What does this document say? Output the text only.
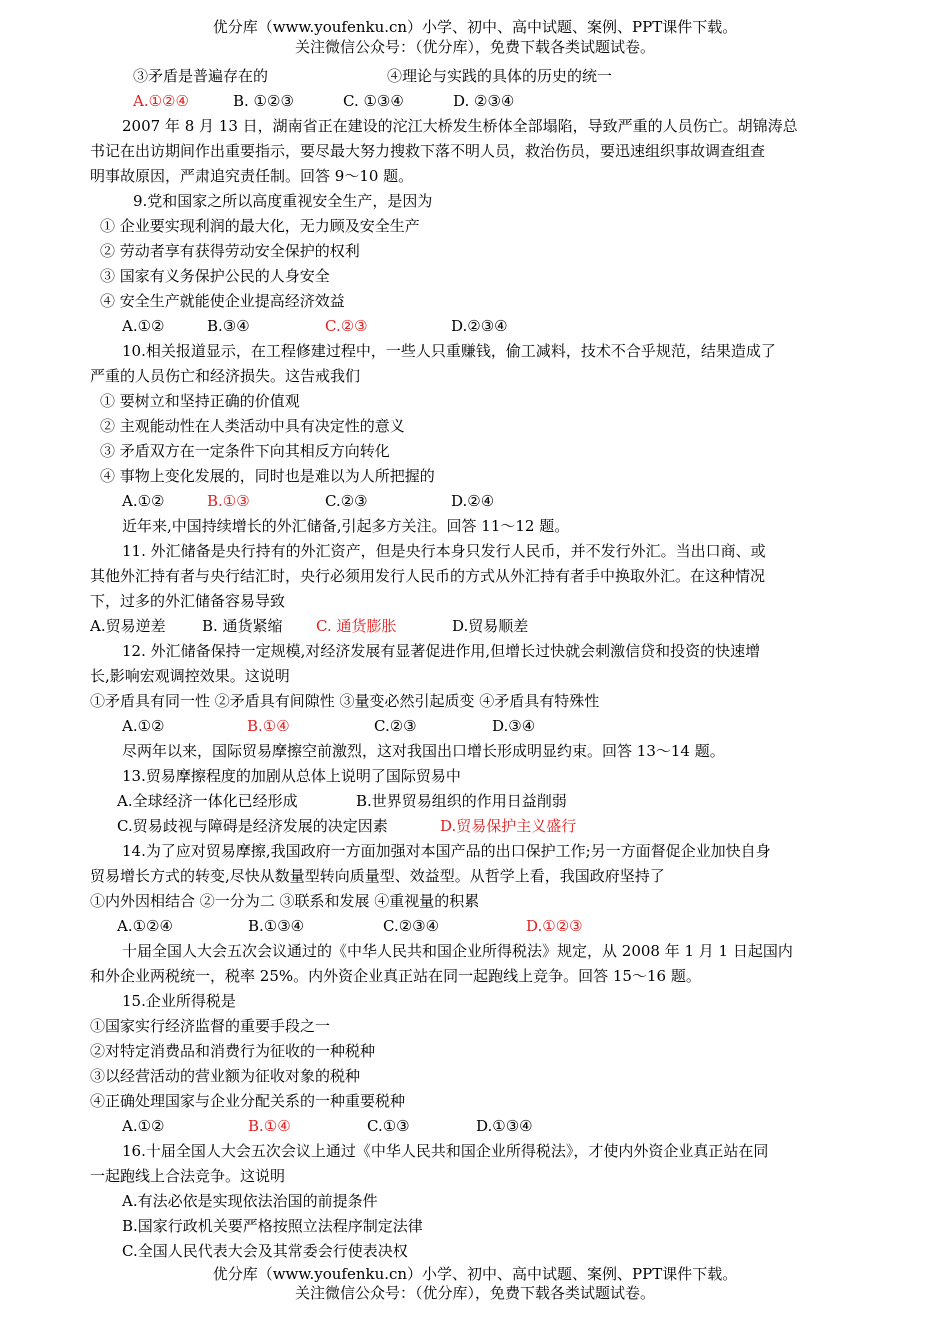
优分库（www.youfenku.cn）小学、初中、高中试题、案例、PPT课件下载。
关注微信公众号：（优分库），免费下载各类试题试卷。
③矛盾是普遍存在的	④理论与实践的具体的历史的统一
A.①②④	B. ①②③	C. ①③④	D. ②③④
2007 年 8 月 13 日，湖南省正在建设的沱江大桥发生桥体全部塌陷，导致严重的人员伤亡。胡锦涛总
书记在出访期间作出重要指示，要尽最大努力搜救下落不明人员，救治伤员，要迅速组织事故调查组查
明事故原因，严肃追究责任制。回答 9～10 题。
9.党和国家之所以高度重视安全生产，是因为
① 企业要实现利润的最大化，无力顾及安全生产
② 劳动者享有获得劳动安全保护的权利
③ 国家有义务保护公民的人身安全
④ 安全生产就能使企业提高经济效益
A.①②	B.③④	C.②③	D.②③④
10.相关报道显示，在工程修建过程中，一些人只重赚钱，偷工减料，技术不合乎规范，结果造成了
严重的人员伤亡和经济损失。这告戒我们
① 要树立和坚持正确的价值观
② 主观能动性在人类活动中具有决定性的意义
③ 矛盾双方在一定条件下向其相反方向转化
④ 事物上变化发展的，同时也是难以为人所把握的
A.①②	B.①③	C.②③	D.②④
近年来,中国持续增长的外汇储备,引起多方关注。回答 11～12 题。
11. 外汇储备是央行持有的外汇资产，但是央行本身只发行人民币，并不发行外汇。当出口商、或
其他外汇持有者与央行结汇时，央行必须用发行人民币的方式从外汇持有者手中换取外汇。在这种情况
下，过多的外汇储备容易导致
A.贸易逆差 B. 通货紧缩 C. 通货膨胀	D.贸易顺差
12. 外汇储备保持一定规模,对经济发展有显著促进作用,但增长过快就会刺激信贷和投资的快速增
长,影响宏观调控效果。这说明
①矛盾具有同一性 ②矛盾具有间隙性 ③量变必然引起质变 ④矛盾具有特殊性
A.①②	B.①④	C.②③	D.③④
尽两年以来，国际贸易摩擦空前激烈，这对我国出口增长形成明显约束。回答 13～14 题。
13.贸易摩擦程度的加剧从总体上说明了国际贸易中
A.全球经济一体化已经形成	B.世界贸易组织的作用日益削弱
C.贸易歧视与障碍是经济发展的决定因素	D.贸易保护主义盛行
14.为了应对贸易摩擦,我国政府一方面加强对本国产品的出口保护工作;另一方面督促企业加快自身
贸易增长方式的转变,尽快从数量型转向质量型、效益型。从哲学上看，我国政府坚持了
①内外因相结合 ②一分为二 ③联系和发展 ④重视量的积累
A.①②④	B.①③④	C.②③④	D.①②③
十届全国人大会五次会议通过的《中华人民共和国企业所得税法》规定，从 2008 年 1 月 1 日起国内
和外企业两税统一，税率 25%。内外资企业真正站在同一起跑线上竞争。回答 15～16 题。
15.企业所得税是
①国家实行经济监督的重要手段之一
②对特定消费品和消费行为征收的一种税种
③以经营活动的营业额为征收对象的税种
④正确处理国家与企业分配关系的一种重要税种
A.①②	B.①④	C.①③	D.①③④
16.十届全国人大会五次会议上通过《中华人民共和国企业所得税法》，才使内外资企业真正站在同
一起跑线上合法竞争。这说明
A.有法必依是实现依法治国的前提条件
B.国家行政机关要严格按照立法程序制定法律
C.全国人民代表大会及其常委会行使表决权
优分库（www.youfenku.cn）小学、初中、高中试题、案例、PPT课件下载。
关注微信公众号：（优分库），免费下载各类试题试卷。
